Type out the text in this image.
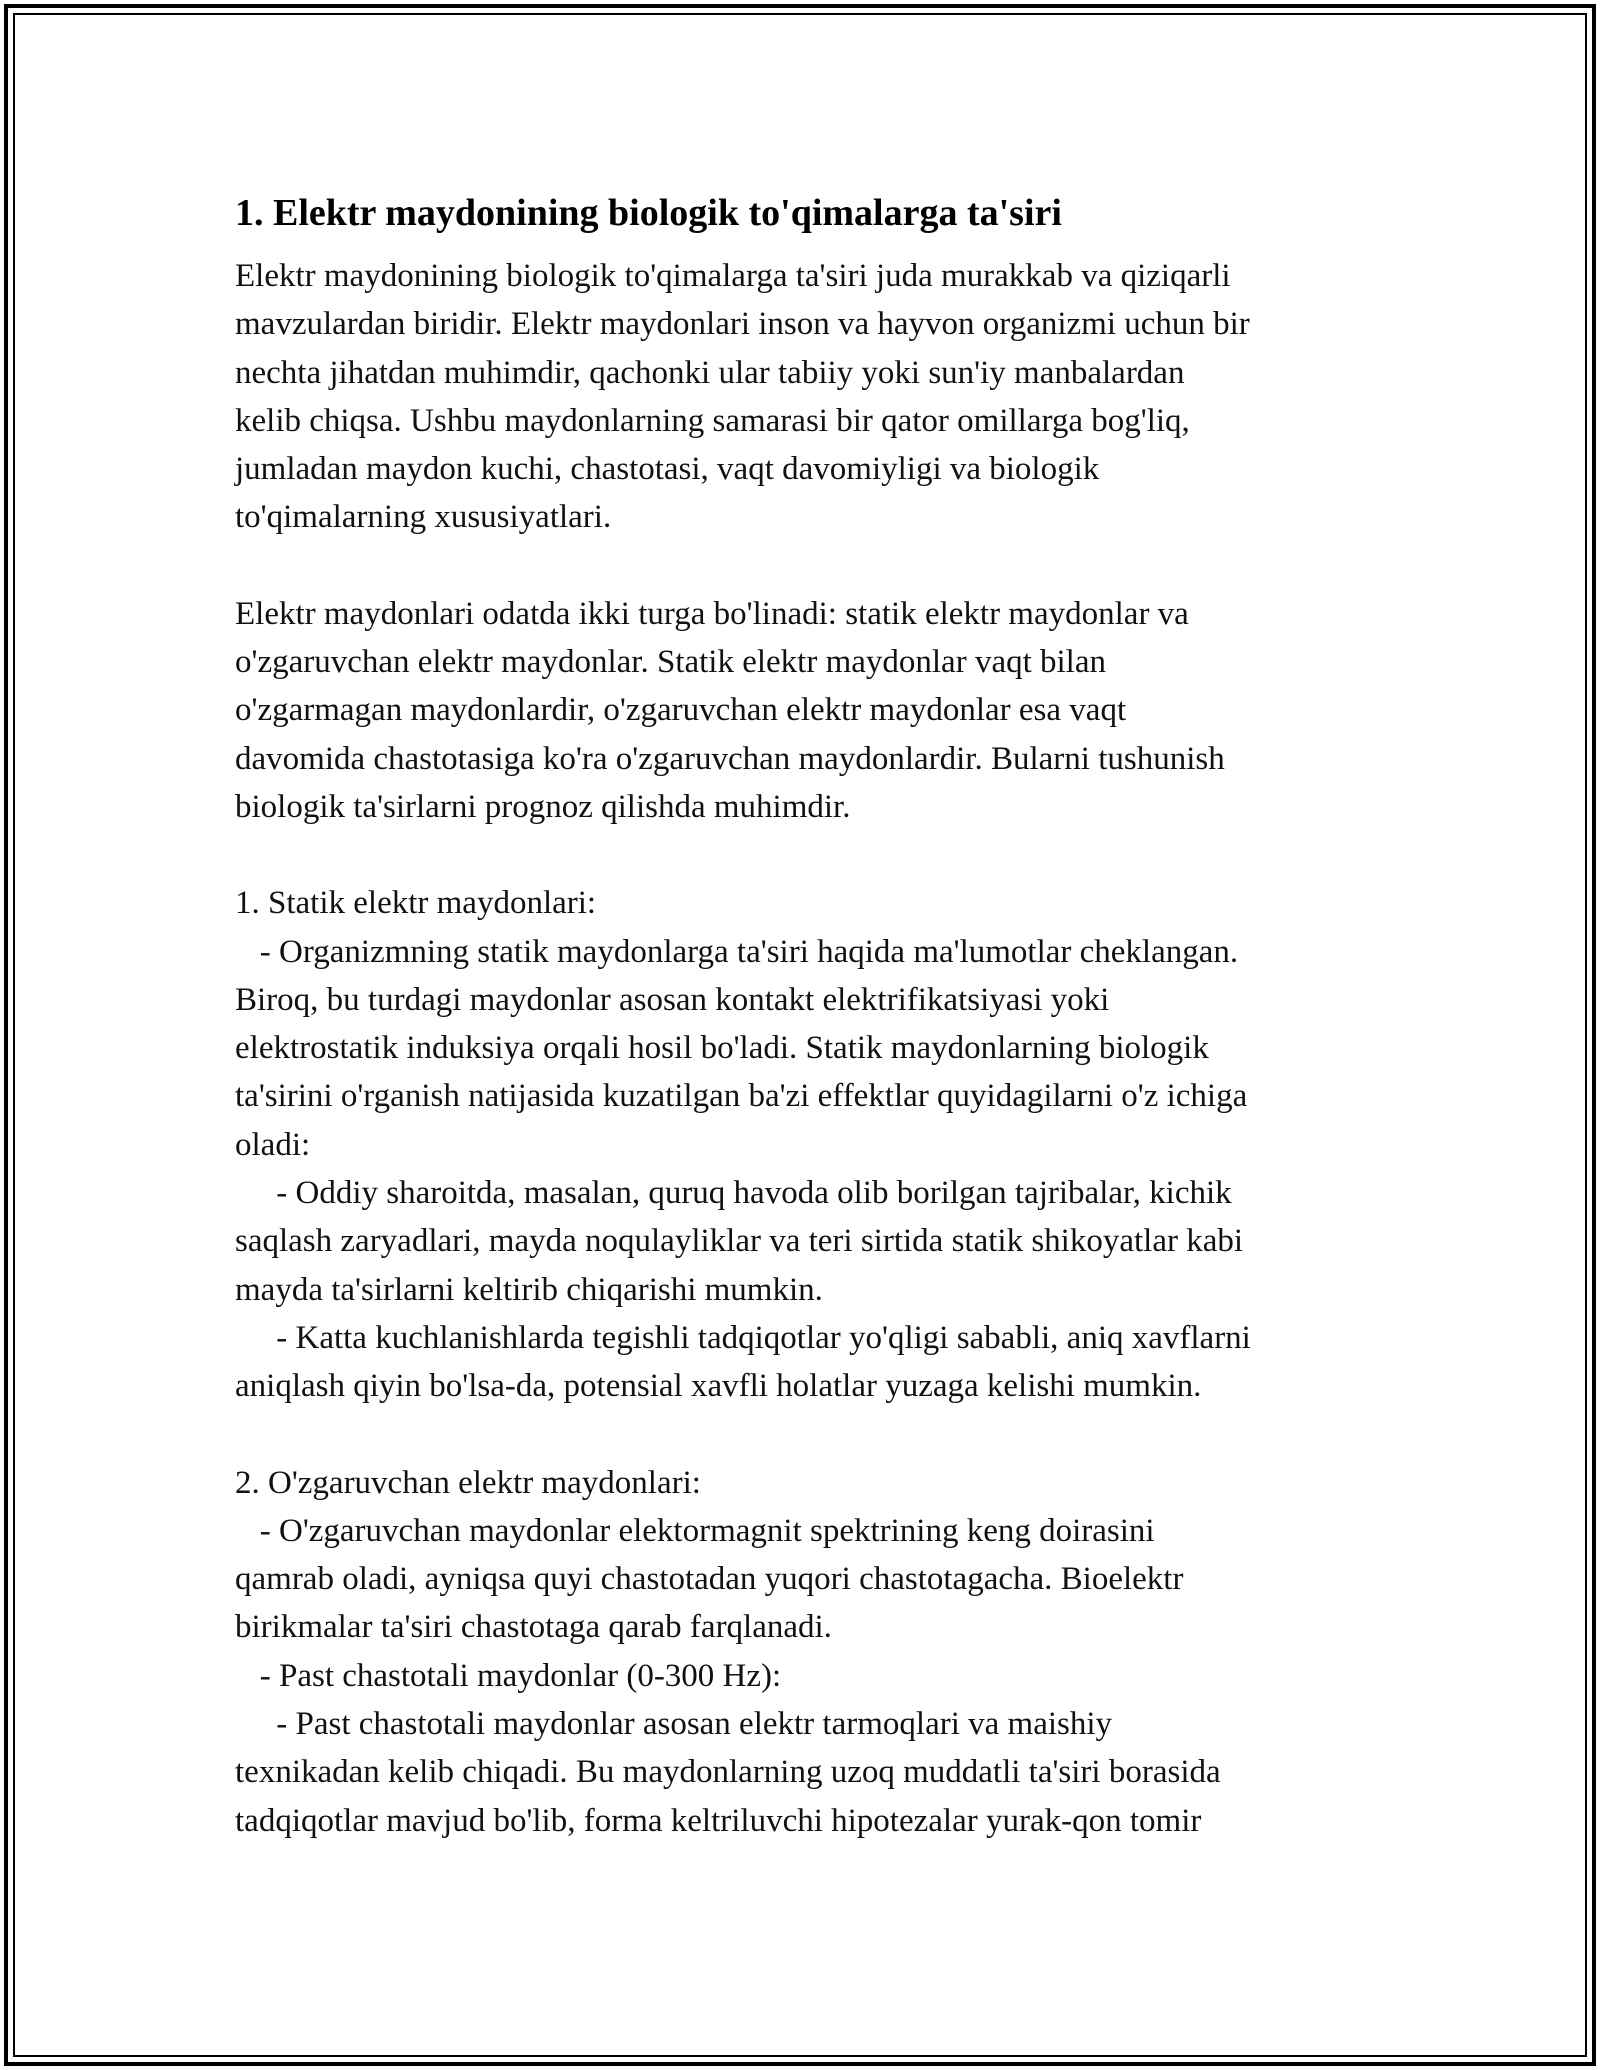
1. Elektr maydonining biologik to'qimalarga ta'siri

Elektr maydonining biologik to'qimalarga ta'siri juda murakkab va qiziqarli
mavzulardan biridir. Elektr maydonlari inson va hayvon organizmi uchun bir
nechta jihatdan muhimdir, qachonki ular tabiiy yoki sun'iy manbalardan
kelib chiqsa. Ushbu maydonlarning samarasi bir qator omillarga bog'liq,
jumladan maydon kuchi, chastotasi, vaqt davomiyligi va biologik
to'qimalarning xususiyatlari.

Elektr maydonlari odatda ikki turga bo'linadi: statik elektr maydonlar va
o'zgaruvchan elektr maydonlar. Statik elektr maydonlar vaqt bilan
o'zgarmagan maydonlardir, o'zgaruvchan elektr maydonlar esa vaqt
davomida chastotasiga ko'ra o'zgaruvchan maydonlardir. Bularni tushunish
biologik ta'sirlarni prognoz qilishda muhimdir.

1. Statik elektr maydonlari:
- Organizmning statik maydonlarga ta'siri haqida ma'lumotlar cheklangan.
Biroq, bu turdagi maydonlar asosan kontakt elektrifikatsiyasi yoki
elektrostatik induksiya orqali hosil bo'ladi. Statik maydonlarning biologik
ta'sirini o'rganish natijasida kuzatilgan ba'zi effektlar quyidagilarni o'z ichiga
oladi:
- Oddiy sharoitda, masalan, quruq havoda olib borilgan tajribalar, kichik
saqlash zaryadlari, mayda noqulayliklar va teri sirtida statik shikoyatlar kabi
mayda ta'sirlarni keltirib chiqarishi mumkin.
- Katta kuchlanishlarda tegishli tadqiqotlar yo'qligi sababli, aniq xavflarni
aniqlash qiyin bo'lsa-da, potensial xavfli holatlar yuzaga kelishi mumkin.

2. O'zgaruvchan elektr maydonlari:
- O'zgaruvchan maydonlar elektormagnit spektrining keng doirasini
qamrab oladi, ayniqsa quyi chastotadan yuqori chastotagacha. Bioelektr
birikmalar ta'siri chastotaga qarab farqlanadi.
- Past chastotali maydonlar (0-300 Hz):
- Past chastotali maydonlar asosan elektr tarmoqlari va maishiy
texnikadan kelib chiqadi. Bu maydonlarning uzoq muddatli ta'siri borasida
tadqiqotlar mavjud bo'lib, forma keltriluvchi hipotezalar yurak-qon tomir
